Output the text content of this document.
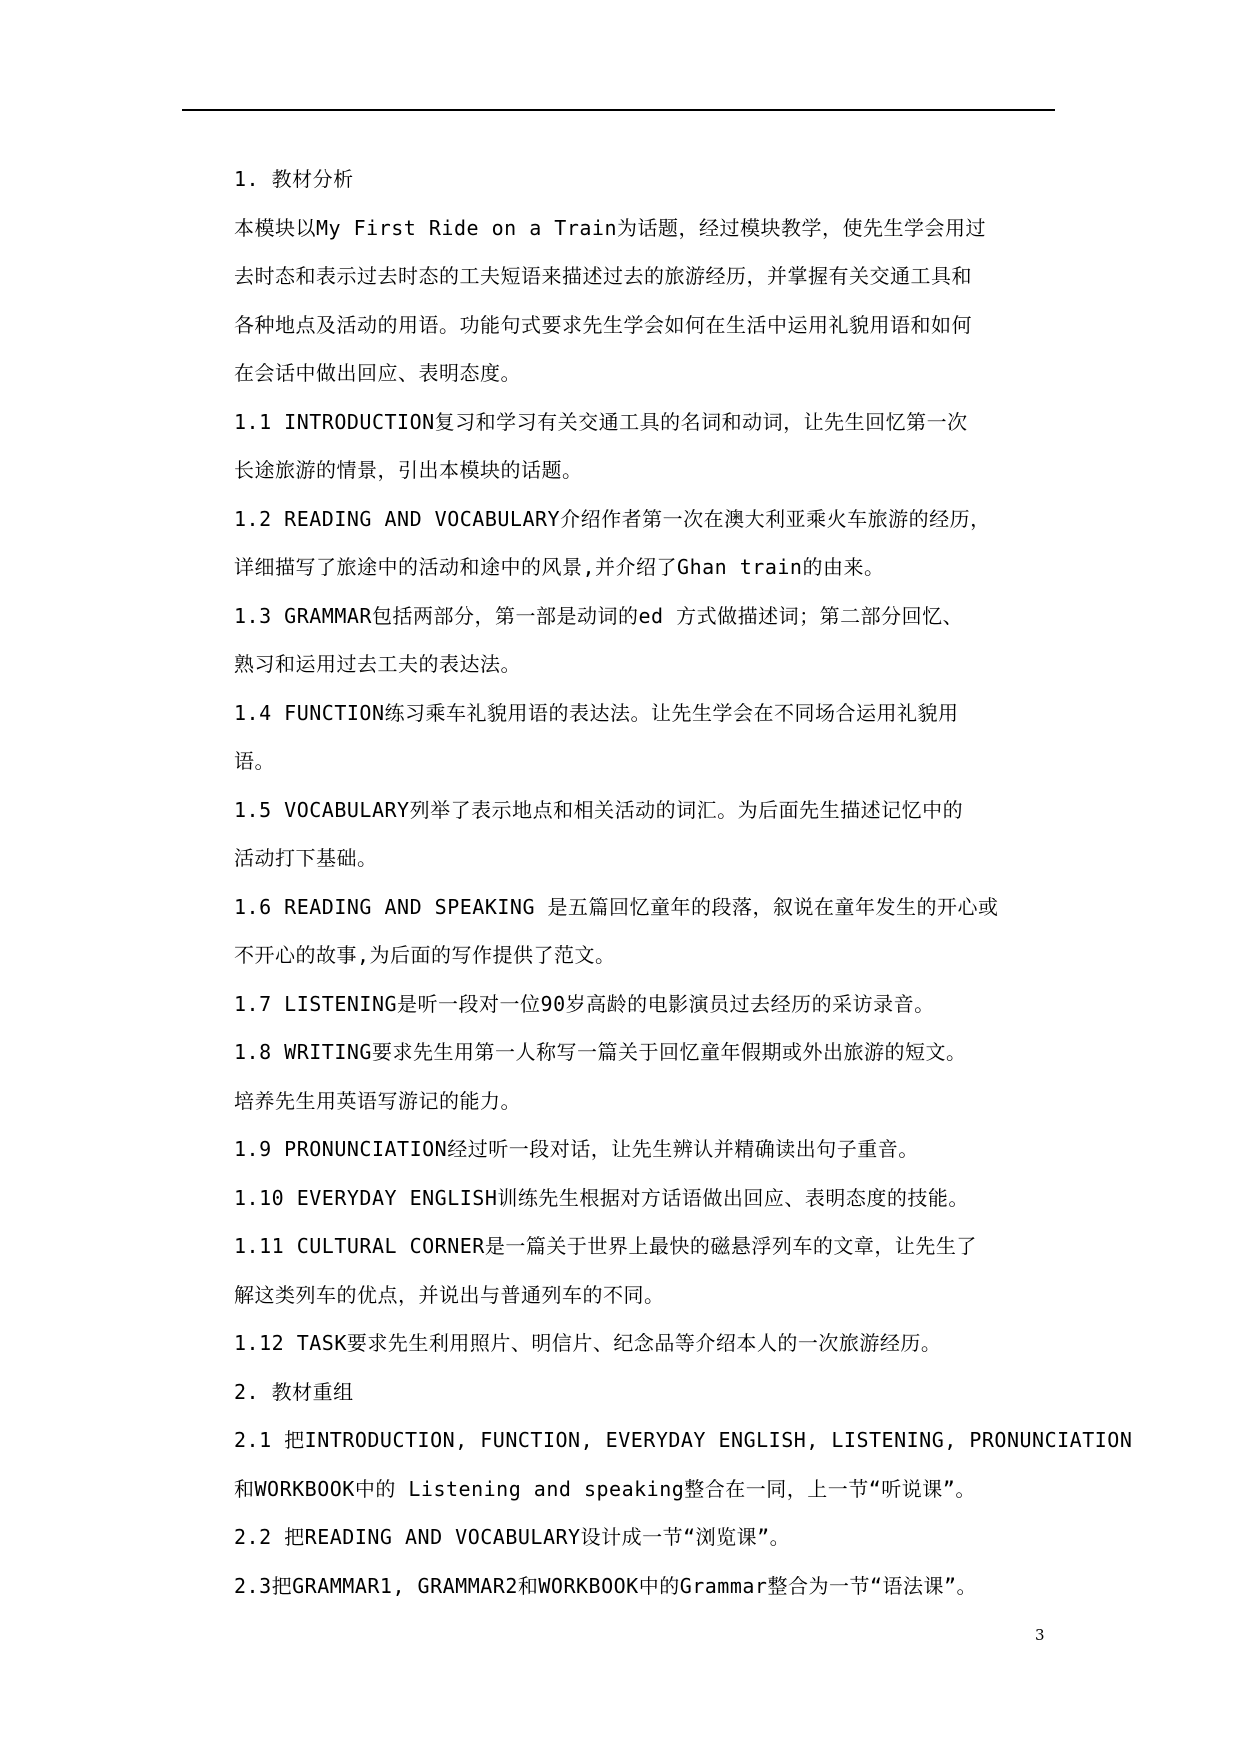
1. 教材分析

本模块以My First Ride on a Train为话题，经过模块教学，使先生学会用过
去时态和表示过去时态的工夫短语来描述过去的旅游经历，并掌握有关交通工具和
各种地点及活动的用语。功能句式要求先生学会如何在生活中运用礼貌用语和如何
在会话中做出回应、表明态度。

1.1 INTRODUCTION复习和学习有关交通工具的名词和动词，让先生回忆第一次
长途旅游的情景，引出本模块的话题。

1.2 READING AND VOCABULARY介绍作者第一次在澳大利亚乘火车旅游的经历，
详细描写了旅途中的活动和途中的风景,并介绍了Ghan train的由来。

1.3 GRAMMAR包括两部分，第一部是动词的ed 方式做描述词；第二部分回忆、
熟习和运用过去工夫的表达法。

1.4 FUNCTION练习乘车礼貌用语的表达法。让先生学会在不同场合运用礼貌用
语。

1.5 VOCABULARY列举了表示地点和相关活动的词汇。为后面先生描述记忆中的
活动打下基础。

1.6 READING AND SPEAKING 是五篇回忆童年的段落，叙说在童年发生的开心或
不开心的故事,为后面的写作提供了范文。

1.7 LISTENING是听一段对一位90岁高龄的电影演员过去经历的采访录音。

1.8 WRITING要求先生用第一人称写一篇关于回忆童年假期或外出旅游的短文。
培养先生用英语写游记的能力。

1.9 PRONUNCIATION经过听一段对话，让先生辨认并精确读出句子重音。

1.10 EVERYDAY ENGLISH训练先生根据对方话语做出回应、表明态度的技能。

1.11 CULTURAL CORNER是一篇关于世界上最快的磁悬浮列车的文章，让先生了
解这类列车的优点，并说出与普通列车的不同。

1.12 TASK要求先生利用照片、明信片、纪念品等介绍本人的一次旅游经历。

2. 教材重组

2.1 把INTRODUCTION, FUNCTION, EVERYDAY ENGLISH, LISTENING, PRONUNCIATION
和WORKBOOK中的 Listening and speaking整合在一同，上一节“听说课”。

2.2 把READING AND VOCABULARY设计成一节“浏览课”。

2.3把GRAMMAR1, GRAMMAR2和WORKBOOK中的Grammar整合为一节“语法课”。

3
